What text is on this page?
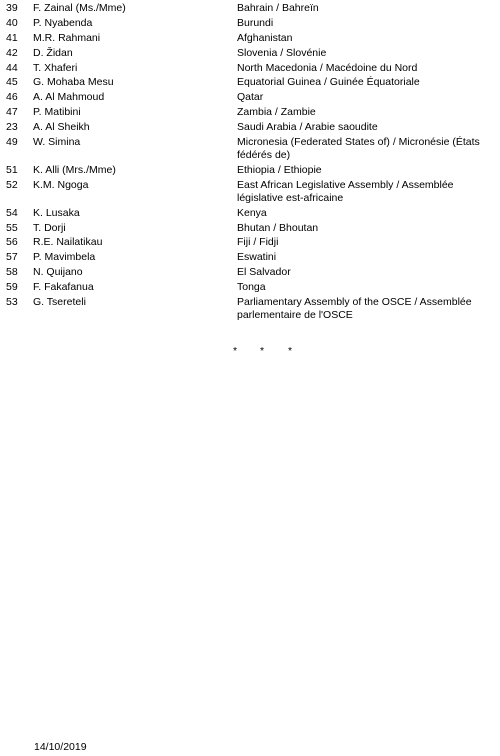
39	F. Zainal (Ms./Mme)	Bahrain / Bahreïn
40	P. Nyabenda	Burundi
41	M.R. Rahmani	Afghanistan
42	D. Židan	Slovenia / Slovénie
44	T. Xhaferi	North Macedonia / Macédoine du Nord
45	G. Mohaba Mesu	Equatorial Guinea / Guinée Équatoriale
46	A. Al Mahmoud	Qatar
47	P. Matibini	Zambia / Zambie
23	A. Al Sheikh	Saudi Arabia / Arabie saoudite
49	W. Simina	Micronesia (Federated States of) / Micronésie (États fédérés de)
51	K. Alli (Mrs./Mme)	Ethiopia / Ethiopie
52	K.M. Ngoga	East African Legislative Assembly / Assemblée législative est-africaine
54	K. Lusaka	Kenya
55	T. Dorji	Bhutan / Bhoutan
56	R.E. Nailatikau	Fiji / Fidji
57	P. Mavimbela	Eswatini
58	N. Quijano	El Salvador
59	F. Fakafanua	Tonga
53	G. Tsereteli	Parliamentary Assembly of the OSCE / Assemblée parlementaire de l'OSCE
* * *
14/10/2019
